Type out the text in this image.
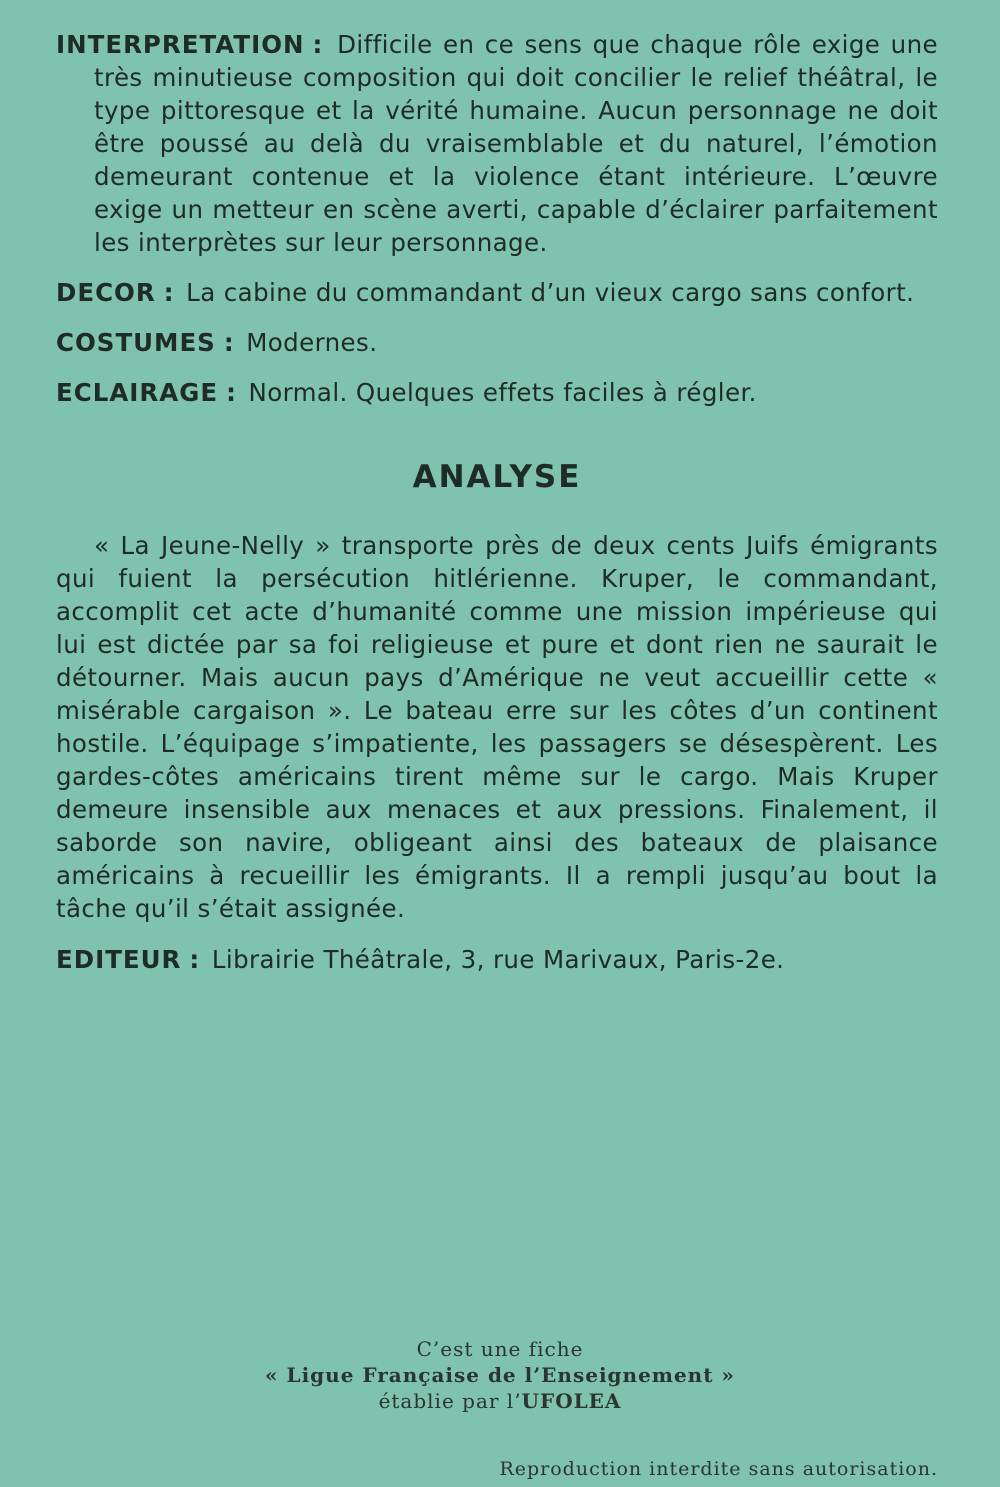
INTERPRETATION : Difficile en ce sens que chaque rôle exige une très minutieuse composition qui doit concilier le relief théâtral, le type pittoresque et la vérité humaine. Aucun personnage ne doit être poussé au delà du vraisemblable et du naturel, l’émotion demeurant contenue et la violence étant intérieure. L’œuvre exige un metteur en scène averti, capable d’éclairer parfaitement les interprètes sur leur personnage.

DECOR : La cabine du commandant d’un vieux cargo sans confort.

COSTUMES : Modernes.

ECLAIRAGE : Normal. Quelques effets faciles à régler.

ANALYSE

« La Jeune-Nelly » transporte près de deux cents Juifs émigrants qui fuient la persécution hitlérienne. Kruper, le commandant, accomplit cet acte d’humanité comme une mission impérieuse qui lui est dictée par sa foi religieuse et pure et dont rien ne saurait le détourner. Mais aucun pays d’Amérique ne veut accueillir cette « misérable cargaison ». Le bateau erre sur les côtes d’un continent hostile. L’équipage s’impatiente, les passagers se désespèrent. Les gardes-côtes américains tirent même sur le cargo. Mais Kruper demeure insensible aux menaces et aux pressions. Finalement, il saborde son navire, obligeant ainsi des bateaux de plaisance américains à recueillir les émigrants. Il a rempli jusqu’au bout la tâche qu’il s’était assignée.

EDITEUR : Librairie Théâtrale, 3, rue Marivaux, Paris-2e.

C’est une fiche
« Ligue Française de l’Enseignement »
établie par l’UFOLEA
Reproduction interdite sans autorisation.
